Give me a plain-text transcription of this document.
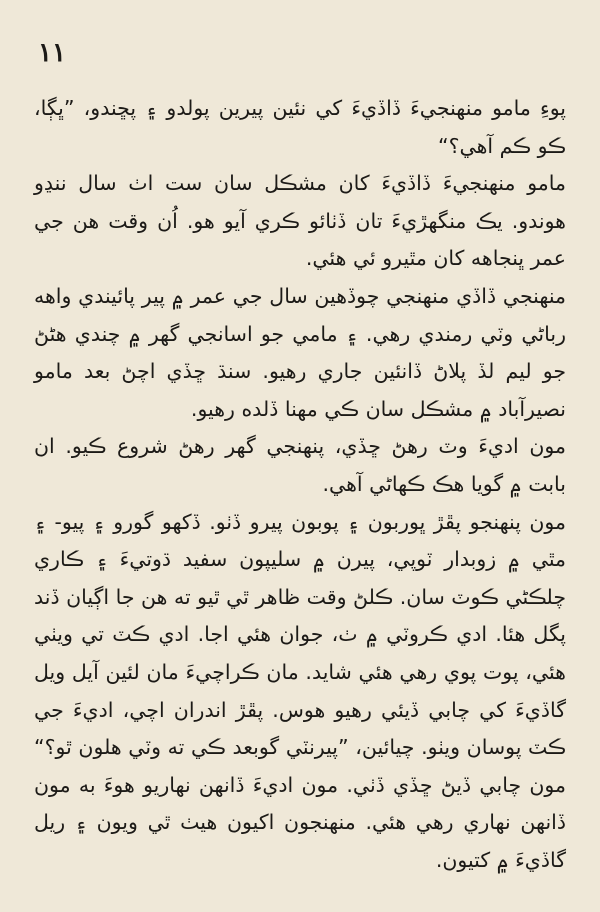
۱۱

پوءِ مامو منهنجيءَ ڏاڏيءَ کي نئين پيرين پولدو ۽ پڇندو، ”ڀڳا، ڪو ڪم آهي؟“

مامو منهنجيءَ ڏاڏيءَ کان مشڪل سان ست اٺ سال ننڍو هوندو. يڪ منگهڙيءَ تان ڏٺائو ڪري آيو هو. اُن وقت هن جي عمر ڀنجاهه کان مٿيرو ئي هئي.

منهنجي ڏاڏي منهنجي چوڏهين سال جي عمر ۾ پير پائيندي واهه رباڻي وٽي رمندي رهي. ۽ مامي جو اسانجي گهر ۾ چندي هڻڻ جو ليم لڏ پلاڻ ڏانئين جاري رهيو. سنڌ ڇڏي اچڻ بعد مامو نصيرآباد ۾ مشڪل سان ڪي مهنا ڏلده رهيو.

مون اديءَ وٽ رهڻ ڇڏي، پنهنجي گهر رهڻ شروع ڪيو. ان بابت ۾ گويا هڪ ڪهاڻي آهي.

مون پنهنجو پڦڙ ڀوربون ۽ پوبون پيرو ڏٺو. ڏکهو گورو ۽ پيو- ۽ مٿي ۾ زوبدار ٽوپي، پيرن ۾ سليپون سفيد ڌوتيءَ ۽ ڪاري چلڪڻي ڪوٽ سان. ڪلڻ وقت ظاهر ٿي ٿيو ته هن جا اڳيان ڏند پگل هئا. ادي ڪروٽي ۾ ٺ، جوان هئي اجا. ادي ڪٽ تي ويٺي هئي، پوت پوي رهي هئي شايد. مان ڪراچيءَ مان لئين آيل ويل گاڏيءَ کي چابي ڏيئي رهيو هوس. پڦڙ اندران اچي، اديءَ جي ڪٽ پوسان ويٺو. چيائين، ”پيرنٽي گوبعد ڪي ته وٽي هلون ٿو؟“ مون چابي ڏيڻ ڇڏي ڏٺي. مون اديءَ ڏانهن نهاريو هوءَ به مون ڏانهن نهاري رهي هئي. منهنجون اکيون هيٺ ٿي ويون ۽ ريل گاڏيءَ ۾ کتيون.
